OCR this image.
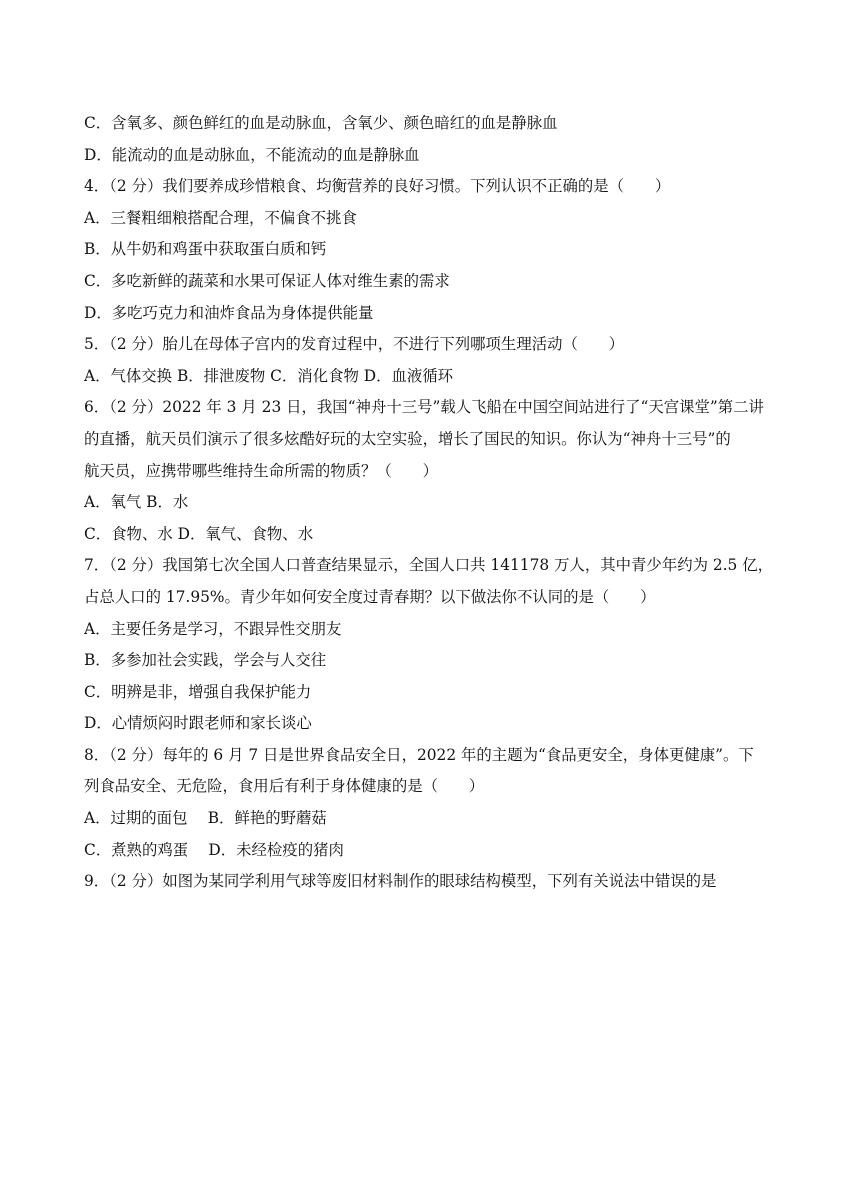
C．含氧多、颜色鲜红的血是动脉血，含氧少、颜色暗红的血是静脉血
D．能流动的血是动脉血，不能流动的血是静脉血
4．（2 分）我们要养成珍惜粮食、均衡营养的良好习惯。下列认识不正确的是（　　）
A．三餐粗细粮搭配合理，不偏食不挑食
B．从牛奶和鸡蛋中获取蛋白质和钙
C．多吃新鲜的蔬菜和水果可保证人体对维生素的需求
D．多吃巧克力和油炸食品为身体提供能量
5．（2 分）胎儿在母体子宫内的发育过程中，不进行下列哪项生理活动（　　）
A．气体交换 B．排泄废物 C．消化食物 D．血液循环
6．（2 分）2022 年 3 月 23 日，我国“神舟十三号”载人飞船在中国空间站进行了“天宫课堂”第二讲
的直播，航天员们演示了很多炫酷好玩的太空实验，增长了国民的知识。你认为“神舟十三号”的
航天员，应携带哪些维持生命所需的物质？（　　）
A．氧气 B．水
C．食物、水 D．氧气、食物、水
7．（2 分）我国第七次全国人口普查结果显示，全国人口共 141178 万人，其中青少年约为 2.5 亿，
占总人口的 17.95%。青少年如何安全度过青春期？以下做法你不认同的是（　　）
A．主要任务是学习，不跟异性交朋友
B．多参加社会实践，学会与人交往
C．明辨是非，增强自我保护能力
D．心情烦闷时跟老师和家长谈心
8．（2 分）每年的 6 月 7 日是世界食品安全日，2022 年的主题为“食品更安全，身体更健康”。下
列食品安全、无危险，食用后有利于身体健康的是（　　）
A．过期的面包　 B．鲜艳的野蘑菇
C．煮熟的鸡蛋　 D．未经检疫的猪肉
9．（2 分）如图为某同学利用气球等废旧材料制作的眼球结构模型，下列有关说法中错误的是
